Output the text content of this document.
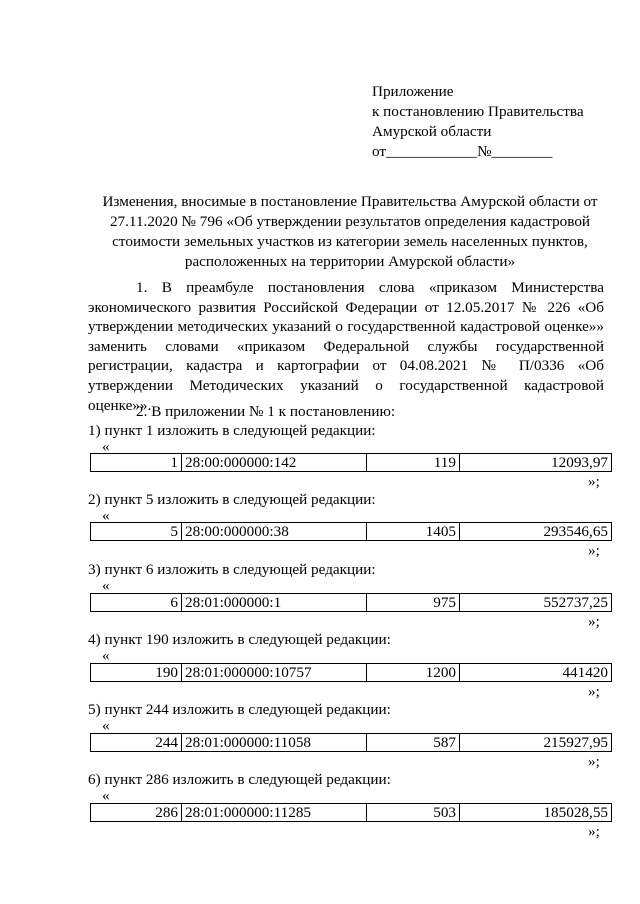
Приложение
к постановлению Правительства
Амурской области
от____________№________
Изменения, вносимые в постановление Правительства Амурской области от 27.11.2020 № 796 «Об утверждении результатов определения кадастровой стоимости земельных участков из категории земель населенных пунктов, расположенных на территории Амурской области»
1. В преамбуле постановления слова «приказом Министерства экономического развития Российской Федерации от 12.05.2017 № 226 «Об утверждении методических указаний о государственной кадастровой оценке»» заменить словами «приказом Федеральной службы государственной регистрации, кадастра и картографии от 04.08.2021 № П/0336 «Об утверждении Методических указаний о государственной кадастровой оценке»».
2. В приложении № 1 к постановлению:
1) пункт 1 изложить в следующей редакции:
«
1	28:00:000000:142	119	12093,97
»;
2) пункт 5 изложить в следующей редакции:
«
5	28:00:000000:38	1405	293546,65
»;
3) пункт 6 изложить в следующей редакции:
«
6	28:01:000000:1	975	552737,25
»;
4) пункт 190 изложить в следующей редакции:
«
190	28:01:000000:10757	1200	441420
»;
5) пункт 244 изложить в следующей редакции:
«
244	28:01:000000:11058	587	215927,95
»;
6) пункт 286 изложить в следующей редакции:
«
286	28:01:000000:11285	503	185028,55
»;
